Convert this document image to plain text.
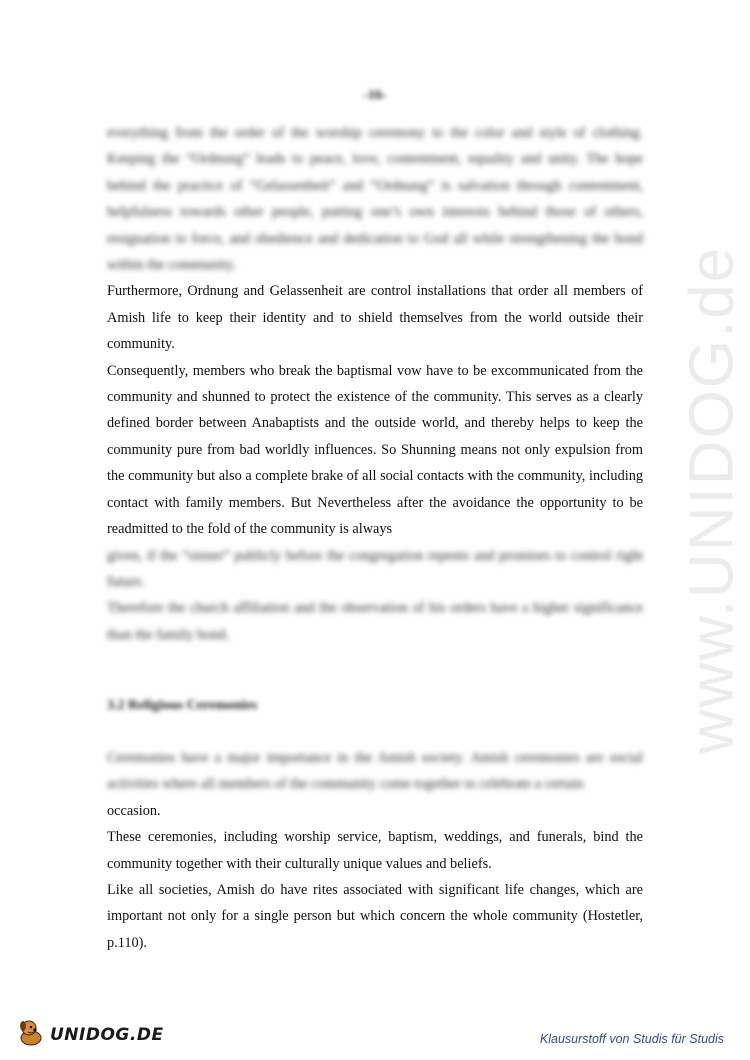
www.UNIDOG.de
-16-

everything from the order of the worship ceremony to the color and style of clothing. Keeping the “Ordnung” leads to peace, love, contentment, equality and unity. The hope behind the practice of “Gelassenheit” and “Ordnung” is salvation through contentment, helpfulness towards other people, putting one’s own interests behind those of others, resignation to force, and obedience and dedication to God all while strengthening the bond within the community.

Furthermore, Ordnung and Gelassenheit are control installations that order all members of Amish life to keep their identity and to shield themselves from the world outside their community.

Consequently, members who break the baptismal vow have to be excommunicated from the community and shunned to protect the existence of the community. This serves as a clearly defined border between Anabaptists and the outside world, and thereby helps to keep the community pure from bad worldly influences. So Shunning means not only expulsion from the community but also a complete brake of all social contacts with the community, including contact with family members. But Nevertheless after the avoidance the opportunity to be readmitted to the fold of the community is always

given, if the “sinner” publicly before the congregation repents and promises to control right future.

Therefore the church affiliation and the observation of his orders have a higher significance than the family bond.

3.2 Religious Ceremonies

Ceremonies have a major importance in the Amish society. Amish ceremonies are social activities where all members of the community come together to celebrate a certain

occasion.

These ceremonies, including worship service, baptism, weddings, and funerals, bind the community together with their culturally unique values and beliefs.

Like all societies, Amish do have rites associated with significant life changes, which are important not only for a single person but which concern the whole community (Hostetler, p.110).

UNIDOG.DE	Klausurstoff von Studis für Studis
